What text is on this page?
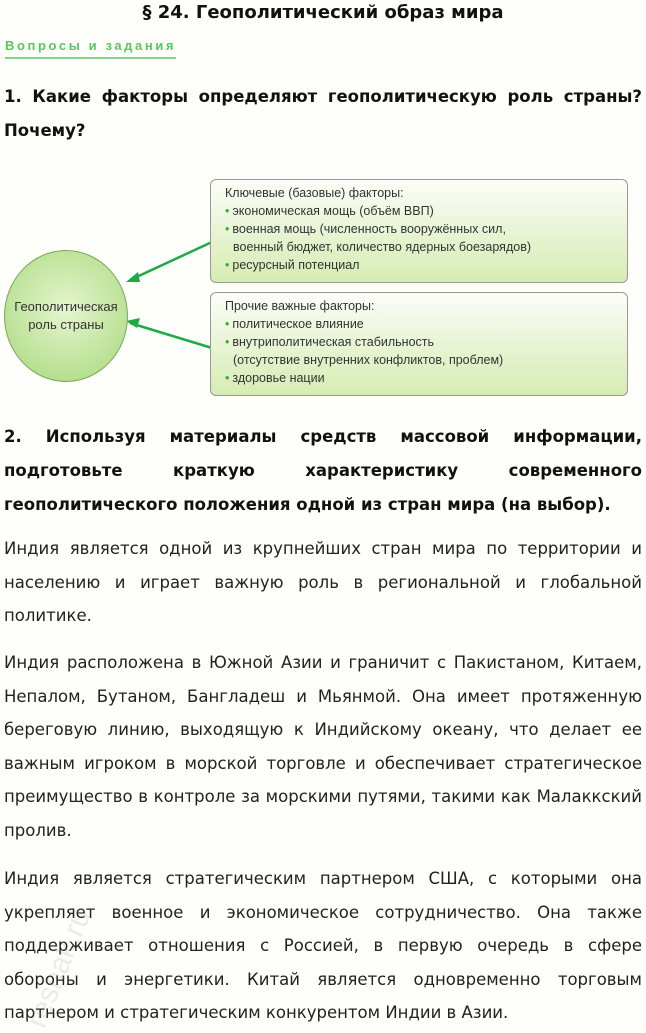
§ 24. Геополитический образ мира
Вопросы и задания
1. Какие факторы определяют геополитическую роль страны? Почему?
Геополитическая роль страны
Ключевые (базовые) факторы:
• экономическая мощь (объём ВВП)
• военная мощь (численность вооружённых сил,
военный бюджет, количество ядерных боезарядов)
• ресурсный потенциал
Прочие важные факторы:
• политическое влияние
• внутриполитическая стабильность
(отсутствие внутренних конфликтов, проблем)
• здоровье нации
2. Используя материалы средств массовой информации, подготовьте краткую характеристику современного геополитического положения одной из стран мира (на выбор).
Индия является одной из крупнейших стран мира по территории и населению и играет важную роль в региональной и глобальной политике.
Индия расположена в Южной Азии и граничит с Пакистаном, Китаем, Непалом, Бутаном, Бангладеш и Мьянмой. Она имеет протяженную береговую линию, выходящую к Индийскому океану, что делает ее важным игроком в морской торговле и обеспечивает стратегическое преимущество в контроле за морскими путями, такими как Малаккский пролив.
Индия является стратегическим партнером США, с которыми она укрепляет военное и экономическое сотрудничество. Она также поддерживает отношения с Россией, в первую очередь в сфере обороны и энергетики. Китай является одновременно торговым партнером и стратегическим конкурентом Индии в Азии.
reshak.ru
